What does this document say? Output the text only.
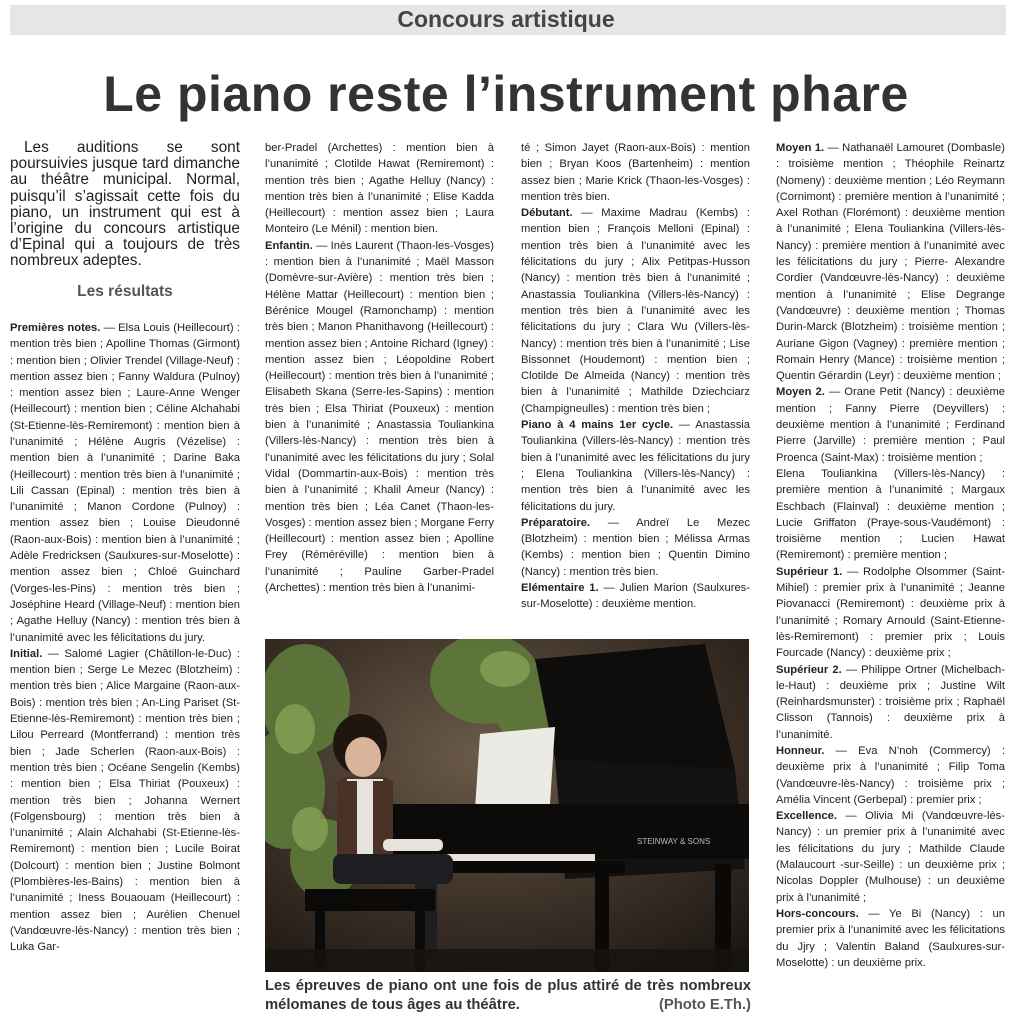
Concours artistique
Le piano reste l’instrument phare

Les auditions se sont poursuivies jusque tard dimanche au théâtre municipal. Normal, puisqu’il s’agissait cette fois du piano, un instrument qui est à l’origine du concours artistique d’Epinal qui a toujours de très nombreux adeptes.

Les résultats

Premières notes. — Elsa Louis (Heillecourt) : mention très bien ; Apolline Thomas (Girmont) : mention bien ; Olivier Trendel (Village-Neuf) : mention assez bien ; Fanny Waldura (Pulnoy) : mention assez bien ; Laure-Anne Wenger (Heillecourt) : mention bien ; Céline Alchahabi (St-Etienne-lès-Remiremont) : mention bien à l’unanimité ; Hélène Augris (Vézelise) : mention bien à l’unanimité ; Darine Baka (Heillecourt) : mention très bien à l’unanimité ; Lili Cassan (Epinal) : mention très bien à l’unanimité ; Manon Cordone (Pulnoy) : mention assez bien ; Louise Dieudonné (Raon-aux-Bois) : mention bien à l’unanimité ; Adèle Fredricksen (Saulxures-sur-Moselotte) : mention assez bien ; Chloé Guinchard (Vorges-les-Pins) : mention très bien ; Joséphine Heard (Village-Neuf) : mention bien ; Agathe Helluy (Nancy) : mention très bien à l’unanimité avec les félicitations du jury.

Initial. — Salomé Lagier (Châtillon-le-Duc) : mention bien ; Serge Le Mezec (Blotzheim) : mention très bien ; Alice Margaine (Raon-aux-Bois) : mention très bien ; An-Ling Pariset (St-Etienne-lès-Remiremont) : mention très bien ; Lilou Perreard (Montferrand) : mention très bien ; Jade Scherlen (Raon-aux-Bois) : mention très bien ; Océane Sengelin (Kembs) : mention bien ; Elsa Thiriat (Pouxeux) : mention très bien ; Johanna Wernert (Folgensbourg) : mention très bien à l’unanimité ; Alain Alchahabi (St-Etienne-lès-Remiremont) : mention bien ; Lucile Boirat (Dolcourt) : mention bien ; Justine Bolmont (Plombières-les-Bains) : mention bien à l’unanimité ; Iness Bouaouam (Heillecourt) : mention assez bien ; Aurélien Chenuel (Vandœuvre-lès-Nancy) : mention très bien ; Luka Gar-

ber-Pradel (Archettes) : mention bien à l’unanimité ; Clotilde Hawat (Remiremont) : mention très bien ; Agathe Helluy (Nancy) : mention très bien à l’unanimité ; Elise Kadda (Heillecourt) : mention assez bien ; Laura Monteiro (Le Ménil) : mention bien.

Enfantin. — Inès Laurent (Thaon-les-Vosges) : mention bien à l’unanimité ; Maël Masson (Domèvre-sur-Avière) : mention très bien ; Hélène Mattar (Heillecourt) : mention bien ; Bérénice Mougel (Ramonchamp) : mention très bien ; Manon Phanithavong (Heillecourt) : mention assez bien ; Antoine Richard (Igney) : mention assez bien ; Léopoldine Robert (Heillecourt) : mention très bien à l’unanimité ; Elisabeth Skana (Serre-les-Sapins) : mention très bien ; Elsa Thiriat (Pouxeux) : mention bien à l’unanimité ; Anastassia Touliankina (Villers-lès-Nancy) : mention très bien à l’unanimité avec les félicitations du jury ; Solal Vidal (Dommartin-aux-Bois) : mention très bien à l’unanimité ; Khalil Ameur (Nancy) : mention très bien ; Léa Canet (Thaon-les-Vosges) : mention assez bien ; Morgane Ferry (Heillecourt) : mention assez bien ; Apolline Frey (Réméréville) : mention bien à l’unanimité ; Pauline Garber-Pradel (Archettes) : mention très bien à l’unanimi-

té ; Simon Jayet (Raon-aux-Bois) : mention bien ; Bryan Koos (Bartenheim) : mention assez bien ; Marie Krick (Thaon-les-Vosges) : mention très bien.

Débutant. — Maxime Madrau (Kembs) : mention bien ; François Melloni (Epinal) : mention très bien à l’unanimité avec les félicitations du jury ; Alix Petitpas-Husson (Nancy) : mention très bien à l’unanimité ; Anastassia Touliankina (Villers-lès-Nancy) : mention très bien à l’unanimité avec les félicitations du jury ; Clara Wu (Villers-lès-Nancy) : mention très bien à l’unanimité ; Lise Bissonnet (Houdemont) : mention bien ; Clotilde De Almeida (Nancy) : mention très bien à l’unanimité ; Mathilde Dziechciarz (Champigneulles) : mention très bien ;

Piano à 4 mains 1er cycle. — Anastassia Touliankina (Villers-lès-Nancy) : mention très bien à l’unanimité avec les félicitations du jury ; Elena Touliankina (Villers-lès-Nancy) : mention très bien à l’unanimité avec les félicitations du jury.

Préparatoire. — Andreï Le Mezec (Blotzheim) : mention bien ; Mélissa Armas (Kembs) : mention bien ; Quentin Dimino (Nancy) : mention très bien.

Elémentaire 1. — Julien Marion (Saulxures-sur-Moselotte) : deuxième mention.

Moyen 1. — Nathanaël Lamouret (Dombasle) : troisième mention ; Théophile Reinartz (Nomeny) : deuxième mention ; Léo Reymann (Cornimont) : première mention à l’unanimité ; Axel Rothan (Florémont) : deuxième mention à l’unanimité ; Elena Touliankina (Villers-lès-Nancy) : première mention à l’unanimité avec les félicitations du jury ; Pierre- Alexandre Cordier (Vandœuvre-lès-Nancy) : deuxième mention à l’unanimité ; Elise Degrange (Vandœuvre) : deuxième mention ; Thomas Durin-Marck (Blotzheim) : troisième mention ; Auriane Gigon (Vagney) : première mention ; Romain Henry (Mance) : troisième mention ; Quentin Gérardin (Leyr) : deuxième mention ;

Moyen 2. — Orane Petit (Nancy) : deuxième mention ; Fanny Pierre (Deyvillers) : deuxième mention à l’unanimité ; Ferdinand Pierre (Jarville) : première mention ; Paul Proenca (Saint-Max) : troisième mention ;

Elena Touliankina (Villers-lès-Nancy) : première mention à l’unanimité ; Margaux Eschbach (Flainval) : deuxième mention ; Lucie Griffaton (Praye-sous-Vaudémont) : troisième mention ; Lucien Hawat (Remiremont) : première mention ;

Supérieur 1. — Rodolphe Olsommer (Saint-Mihiel) : premier prix à l’unanimité ; Jeanne Piovanacci (Remiremont) : deuxième prix à l’unanimité ; Romary Arnould (Saint-Etienne-lès-Remiremont) : premier prix ; Louis Fourcade (Nancy) : deuxième prix ;

Supérieur 2. — Philippe Ortner (Michelbach-le-Haut) : deuxième prix ; Justine Wilt (Reinhardsmunster) : troisième prix ; Raphaël Clisson (Tannois) : deuxième prix à l’unanimité.

Honneur. — Eva N’noh (Commercy) : deuxième prix à l’unanimité ; Filip Toma (Vandœuvre-lès-Nancy) : troisième prix ; Amélia Vincent (Gerbepal) : premier prix ;

Excellence. — Olivia Mi (Vandœuvre-lès-Nancy) : un premier prix à l’unanimité avec les félicitations du jury ; Mathilde Claude (Malaucourt -sur-Seille) : un deuxième prix ; Nicolas Doppler (Mulhouse) : un deuxième prix à l’unanimité ;

Hors-concours. — Ye Bi (Nancy) : un premier prix à l’unanimité avec les félicitations du Jjry ; Valentin Baland (Saulxures-sur-Moselotte) : un deuxième prix.

STEINWAY & SONS
Les épreuves de piano ont une fois de plus attiré de très nombreux mélomanes de tous âges au théâtre.	(Photo E.Th.)
